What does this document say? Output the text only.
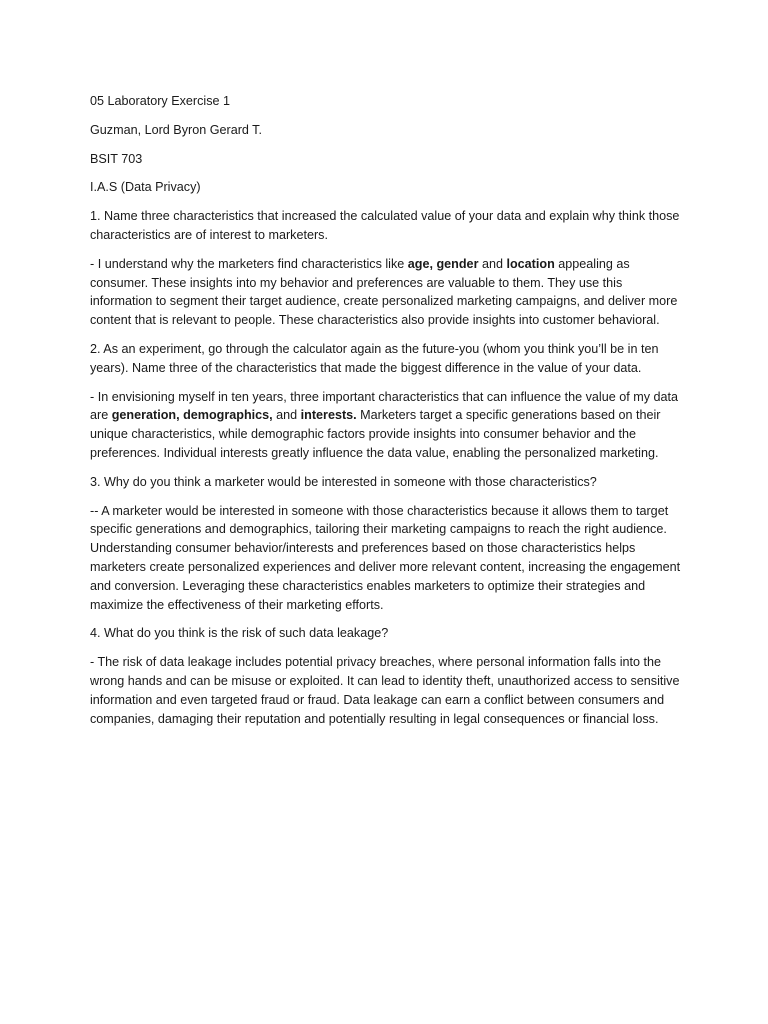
05 Laboratory Exercise 1

Guzman, Lord Byron Gerard T.

BSIT 703

I.A.S (Data Privacy)

1. Name three characteristics that increased the calculated value of your data and explain why think those characteristics are of interest to marketers.

- I understand why the marketers find characteristics like age, gender and location appealing as consumer. These insights into my behavior and preferences are valuable to them. They use this information to segment their target audience, create personalized marketing campaigns, and deliver more content that is relevant to people. These characteristics also provide insights into customer behavioral.

2. As an experiment, go through the calculator again as the future-you (whom you think you’ll be in ten years). Name three of the characteristics that made the biggest difference in the value of your data.

- In envisioning myself in ten years, three important characteristics that can influence the value of my data are generation, demographics, and interests. Marketers target a specific generations based on their unique characteristics, while demographic factors provide insights into consumer behavior and the preferences. Individual interests greatly influence the data value, enabling the personalized marketing.

3. Why do you think a marketer would be interested in someone with those characteristics?

-- A marketer would be interested in someone with those characteristics because it allows them to target specific generations and demographics, tailoring their marketing campaigns to reach the right audience. Understanding consumer behavior/interests and preferences based on those characteristics helps marketers create personalized experiences and deliver more relevant content, increasing the engagement and conversion. Leveraging these characteristics enables marketers to optimize their strategies and maximize the effectiveness of their marketing efforts.

4. What do you think is the risk of such data leakage?

- The risk of data leakage includes potential privacy breaches, where personal information falls into the wrong hands and can be misuse or exploited. It can lead to identity theft, unauthorized access to sensitive information and even targeted fraud or fraud. Data leakage can earn a conflict between consumers and companies, damaging their reputation and potentially resulting in legal consequences or financial loss.
